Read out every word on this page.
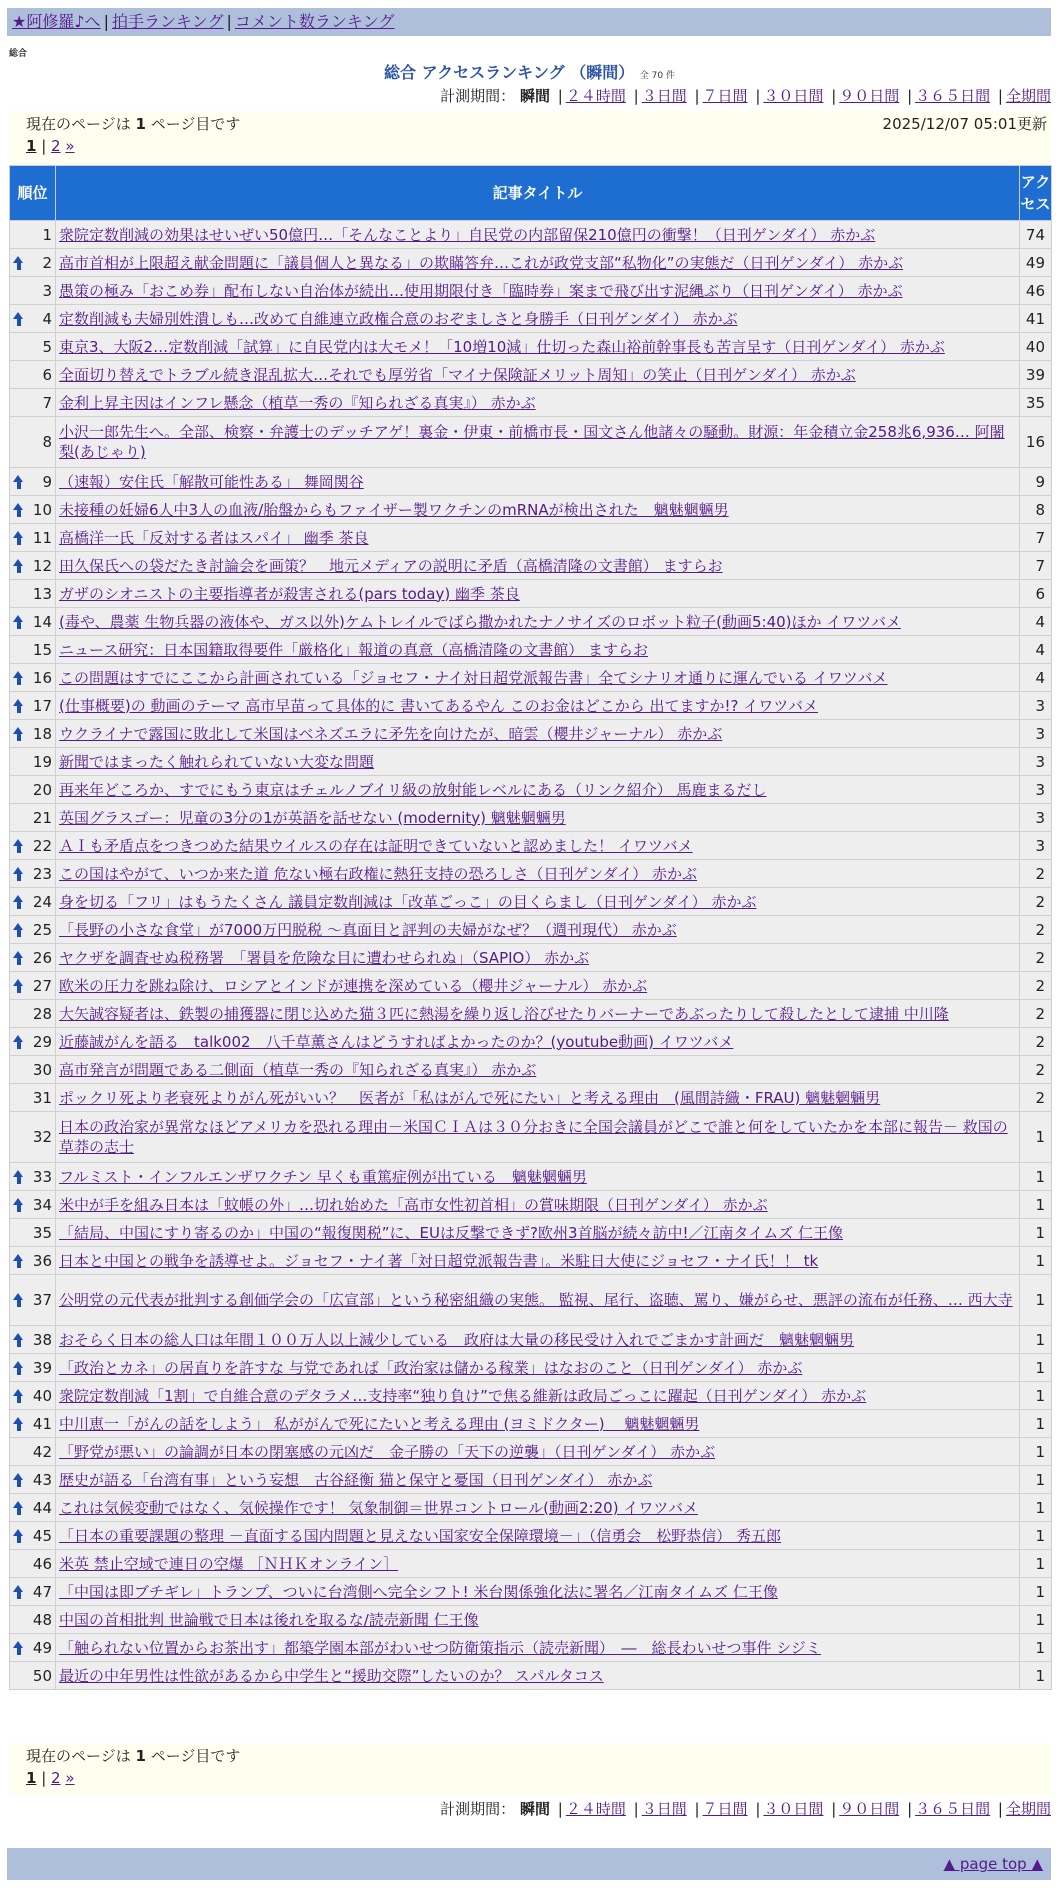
★阿修羅♪へ | 拍手ランキング | コメント数ランキング
総合
総合 アクセスランキング （瞬間） 全 70 件
計測期間： 瞬間 | ２４時間 | ３日間 | ７日間 | ３０日間 | ９０日間 | ３６５日間 | 全期間
現在のページは 1 ページ目です	2025/12/07 05:01更新
1 | 2 »
順位	記事タイトル	アクセス
1	衆院定数削減の効果はせいぜい50億円…「そんなことより」自民党の内部留保210億円の衝撃！（日刊ゲンダイ） 赤かぶ	74

2	高市首相が上限超え献金問題に「議員個人と異なる」の欺瞞答弁…これが政党支部“私物化”の実態だ（日刊ゲンダイ） 赤かぶ	49
3	愚策の極み「おこめ券」配布しない自治体が続出…使用期限付き「臨時券」案まで飛び出す泥縄ぶり（日刊ゲンダイ） 赤かぶ	46

4	定数削減も夫婦別姓潰しも…改めて自維連立政権合意のおぞましさと身勝手（日刊ゲンダイ） 赤かぶ	41
5	東京3、大阪2…定数削減「試算」に自民党内は大モメ！「10増10減」仕切った森山裕前幹事長も苦言呈す（日刊ゲンダイ） 赤かぶ	40
6	全面切り替えでトラブル続き混乱拡大…それでも厚労省「マイナ保険証メリット周知」の笑止（日刊ゲンダイ） 赤かぶ	39
7	金利上昇主因はインフレ懸念（植草一秀の『知られざる真実』） 赤かぶ	35
8	小沢一郎先生へ。全部、検察・弁護士のデッチアゲ！裏金・伊東・前橋市長・国文さん他諸々の騒動。財源：年金積立金258兆6,936… 阿闍梨(あじゃり)	16

9	（速報）安住氏「解散可能性ある」 舞岡関谷	9

10	未接種の妊婦6人中3人の血液/胎盤からもファイザー製ワクチンのmRNAが検出された　魑魅魍魎男	8

11	高橋洋一氏「反対する者はスパイ」 幽季 茶良	7

12	田久保氏への袋だたき討論会を画策？　地元メディアの説明に矛盾（高橋清隆の文書館） ますらお	7
13	ガザのシオニストの主要指導者が殺害される(pars today) 幽季 茶良	6

14	(毒や、農薬 生物兵器の液体や、ガス以外)ケムトレイルでばら撒かれたナノサイズのロボット粒子(動画5:40)ほか イワツバメ	4
15	ニュース研究：日本国籍取得要件「厳格化」報道の真意（高橋清隆の文書館） ますらお	4

16	この問題はすでにここから計画されている「ジョセフ・ナイ対日超党派報告書」全てシナリオ通りに運んでいる イワツバメ	4

17	(仕事概要)の 動画のテーマ 高市早苗って具体的に 書いてあるやん このお金はどこから 出てますか!? イワツバメ	3

18	ウクライナで露国に敗北して米国はベネズエラに矛先を向けたが、暗雲（櫻井ジャーナル） 赤かぶ	3
19	新聞ではまったく触れられていない大変な問題	3
20	再来年どころか、すでにもう東京はチェルノブイリ級の放射能レベルにある（リンク紹介） 馬鹿まるだし	3
21	英国グラスゴー：児童の3分の1が英語を話せない (modernity) 魑魅魍魎男	3

22	ＡＩも矛盾点をつきつめた結果ウイルスの存在は証明できていないと認めました！ イワツバメ	3

23	この国はやがて、いつか来た道 危ない極右政権に熱狂支持の恐ろしさ（日刊ゲンダイ） 赤かぶ	2

24	身を切る「フリ」はもうたくさん 議員定数削減は「改革ごっこ」の目くらまし（日刊ゲンダイ） 赤かぶ	2

25	「長野の小さな食堂」が7000万円脱税 ～真面目と評判の夫婦がなぜ？（週刊現代） 赤かぶ	2

26	ヤクザを調査せぬ税務署　「署員を危険な目に遭わせられぬ」（SAPIO） 赤かぶ	2

27	欧米の圧力を跳ね除け、ロシアとインドが連携を深めている（櫻井ジャーナル） 赤かぶ	2
28	大矢誠容疑者は、鉄製の捕獲器に閉じ込めた猫３匹に熱湯を繰り返し浴びせたりバーナーであぶったりして殺したとして逮捕 中川隆	2

29	近藤誠がんを語る　talk002　八千草薫さんはどうすればよかったのか？(youtube動画) イワツバメ	2
30	高市発言が問題である二側面（植草一秀の『知られざる真実』） 赤かぶ	2
31	ポックリ死より老衰死よりがん死がいい？　医者が「私はがんで死にたい」と考える理由　(風間詩織・FRAU) 魑魅魍魎男	2
32	日本の政治家が異常なほどアメリカを恐れる理由－米国ＣＩＡは３０分おきに全国会議員がどこで誰と何をしていたかを本部に報告－ 救国の草莽の志士	1

33	フルミスト・インフルエンザワクチン 早くも重篤症例が出ている　魑魅魍魎男	1

34	米中が手を組み日本は「蚊帳の外」…切れ始めた「高市女性初首相」の賞味期限（日刊ゲンダイ） 赤かぶ	1
35	「結局、中国にすり寄るのか」中国の“報復関税”に、EUは反撃できず?欧州3首脳が続々訪中!／江南タイムズ 仁王像	1

36	日本と中国との戦争を誘導せよ。ジョセフ・ナイ著「対日超党派報告書」。米駐日大使にジョセフ・ナイ氏！！ tk	1

37	公明党の元代表が批判する創価学会の「広宣部」という秘密組織の実態。 監視、尾行、盗聴、罵り、嫌がらせ、悪評の流布が任務、… 西大寺	1

38	おそらく日本の総人口は年間１００万人以上減少している　政府は大量の移民受け入れでごまかす計画だ　魑魅魍魎男	1

39	「政治とカネ」の居直りを許すな 与党であれば「政治家は儲かる稼業」はなおのこと（日刊ゲンダイ） 赤かぶ	1

40	衆院定数削減「1割」で自維合意のデタラメ…支持率“独り負け”で焦る維新は政局ごっこに躍起（日刊ゲンダイ） 赤かぶ	1

41	中川恵一「がんの話をしよう」 私ががんで死にたいと考える理由 (ヨミドクター)　 魑魅魍魎男	1
42	「野党が悪い」の論調が日本の閉塞感の元凶だ　金子勝の「天下の逆襲」（日刊ゲンダイ） 赤かぶ	1

43	歴史が語る「台湾有事」という妄想　古谷経衡 猫と保守と憂国（日刊ゲンダイ） 赤かぶ	1

44	これは気候変動ではなく、気候操作です！ 気象制御＝世界コントロール(動画2:20) イワツバメ	1

45	「日本の重要課題の整理 －直面する国内問題と見えない国家安全保障環境－」（信勇会　松野恭信） 秀五郎	1
46	米英 禁止空域で連日の空爆 ［ＮＨＫオンライン］	1

47	「中国は即ブチギレ」トランプ、ついに台湾側へ完全シフト! 米台関係強化法に署名／江南タイムズ 仁王像	1
48	中国の首相批判 世論戦で日本は後れを取るな/読売新聞 仁王像	1

49	「触られない位置からお茶出す」都築学園本部がわいせつ防衛策指示（読売新聞）　―　総長わいせつ事件 シジミ	1
50	最近の中年男性は性欲があるから中学生と“援助交際”したいのか？ スパルタコス	1
現在のページは 1 ページ目です
1 | 2 »
計測期間： 瞬間 | ２４時間 | ３日間 | ７日間 | ３０日間 | ９０日間 | ３６５日間 | 全期間
▲ page top ▲
